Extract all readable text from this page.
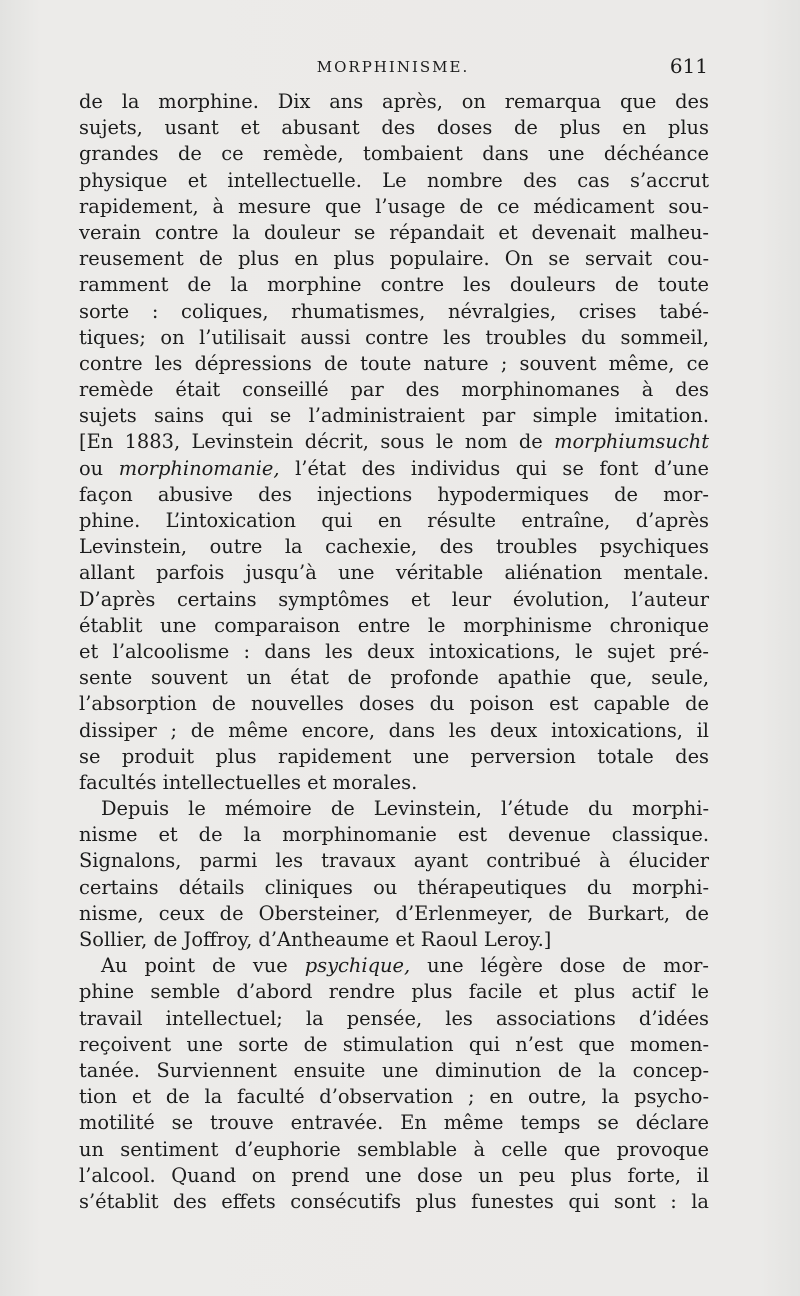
MORPHINISME.	611
de la morphine. Dix ans après, on remarqua que des
sujets, usant et abusant des doses de plus en plus
grandes de ce remède, tombaient dans une déchéance
physique et intellectuelle. Le nombre des cas s’accrut
rapidement, à mesure que l’usage de ce médicament sou-
verain contre la douleur se répandait et devenait malheu-
reusement de plus en plus populaire. On se servait cou-
ramment de la morphine contre les douleurs de toute
sorte : coliques, rhumatismes, névralgies, crises tabé-
tiques; on l’utilisait aussi contre les troubles du sommeil,
contre les dépressions de toute nature ; souvent même, ce
remède était conseillé par des morphinomanes à des
sujets sains qui se l’administraient par simple imitation.
[En 1883, Levinstein décrit, sous le nom de morphiumsucht
ou morphinomanie, l’état des individus qui se font d’une
façon abusive des injections hypodermiques de mor-
phine. L’intoxication qui en résulte entraîne, d’après
Levinstein, outre la cachexie, des troubles psychiques
allant parfois jusqu’à une véritable aliénation mentale.
D’après certains symptômes et leur évolution, l’auteur
établit une comparaison entre le morphinisme chronique
et l’alcoolisme : dans les deux intoxications, le sujet pré-
sente souvent un état de profonde apathie que, seule,
l’absorption de nouvelles doses du poison est capable de
dissiper ; de même encore, dans les deux intoxications, il
se produit plus rapidement une perversion totale des
facultés intellectuelles et morales.
Depuis le mémoire de Levinstein, l’étude du morphi-
nisme et de la morphinomanie est devenue classique.
Signalons, parmi les travaux ayant contribué à élucider
certains détails cliniques ou thérapeutiques du morphi-
nisme, ceux de Obersteiner, d’Erlenmeyer, de Burkart, de
Sollier, de Joffroy, d’Antheaume et Raoul Leroy.]
Au point de vue psychique, une légère dose de mor-
phine semble d’abord rendre plus facile et plus actif le
travail intellectuel; la pensée, les associations d’idées
reçoivent une sorte de stimulation qui n’est que momen-
tanée. Surviennent ensuite une diminution de la concep-
tion et de la faculté d’observation ; en outre, la psycho-
motilité se trouve entravée. En même temps se déclare
un sentiment d’euphorie semblable à celle que provoque
l’alcool. Quand on prend une dose un peu plus forte, il
s’établit des effets consécutifs plus funestes qui sont : la
